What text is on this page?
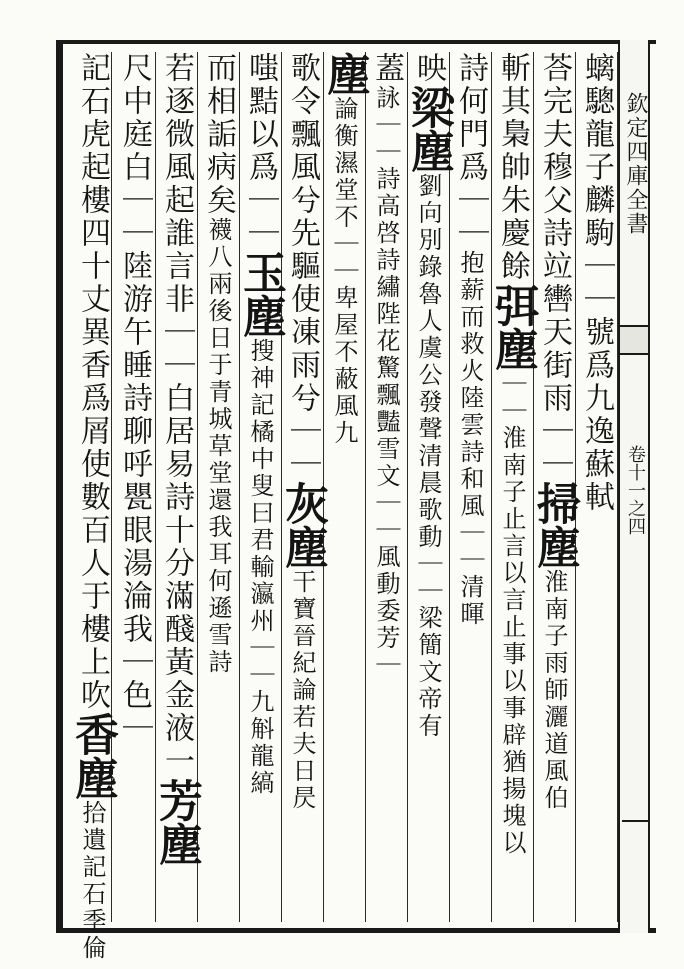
欽定四庫全書
卷十一之四
螭驄龍子麟駒｜｜號爲九逸蘇軾
荅完夫穆父詩竝轡天街雨｜｜掃塵淮南子雨師灑道風伯
斬其梟帥朱慶餘弭塵｜｜淮南子止言以言止事以事辟猶揚塊以
詩何門爲｜｜抱薪而救火陸雲詩和風｜｜清暉
映梁塵劉向別錄魯人虞公發聲清晨歌動｜｜梁簡文帝有
蓋詠｜｜詩高啓詩繡陛花驚飄豔雪文｜｜風動委芳｜
塵論衡濕堂不｜｜卑屋不蔽風九
歌令飄風兮先驅使凍雨兮｜｜灰塵干寶晉紀論若夫日昃
嗤黠以爲｜｜玉塵搜神記橘中叟曰君輸瀛州｜｜九斛龍縞
而相詬病矣襪八兩後日于青城草堂還我耳何遜雪詩
若逐微風起誰言非｜｜白居易詩十分滿醆黃金液一芳塵
尺中庭白｜｜陸游午睡詩聊呼甖眼湯淪我｜色｜
記石虎起樓四十丈異香爲屑使數百人于樓上吹香塵拾遺記石季倫
